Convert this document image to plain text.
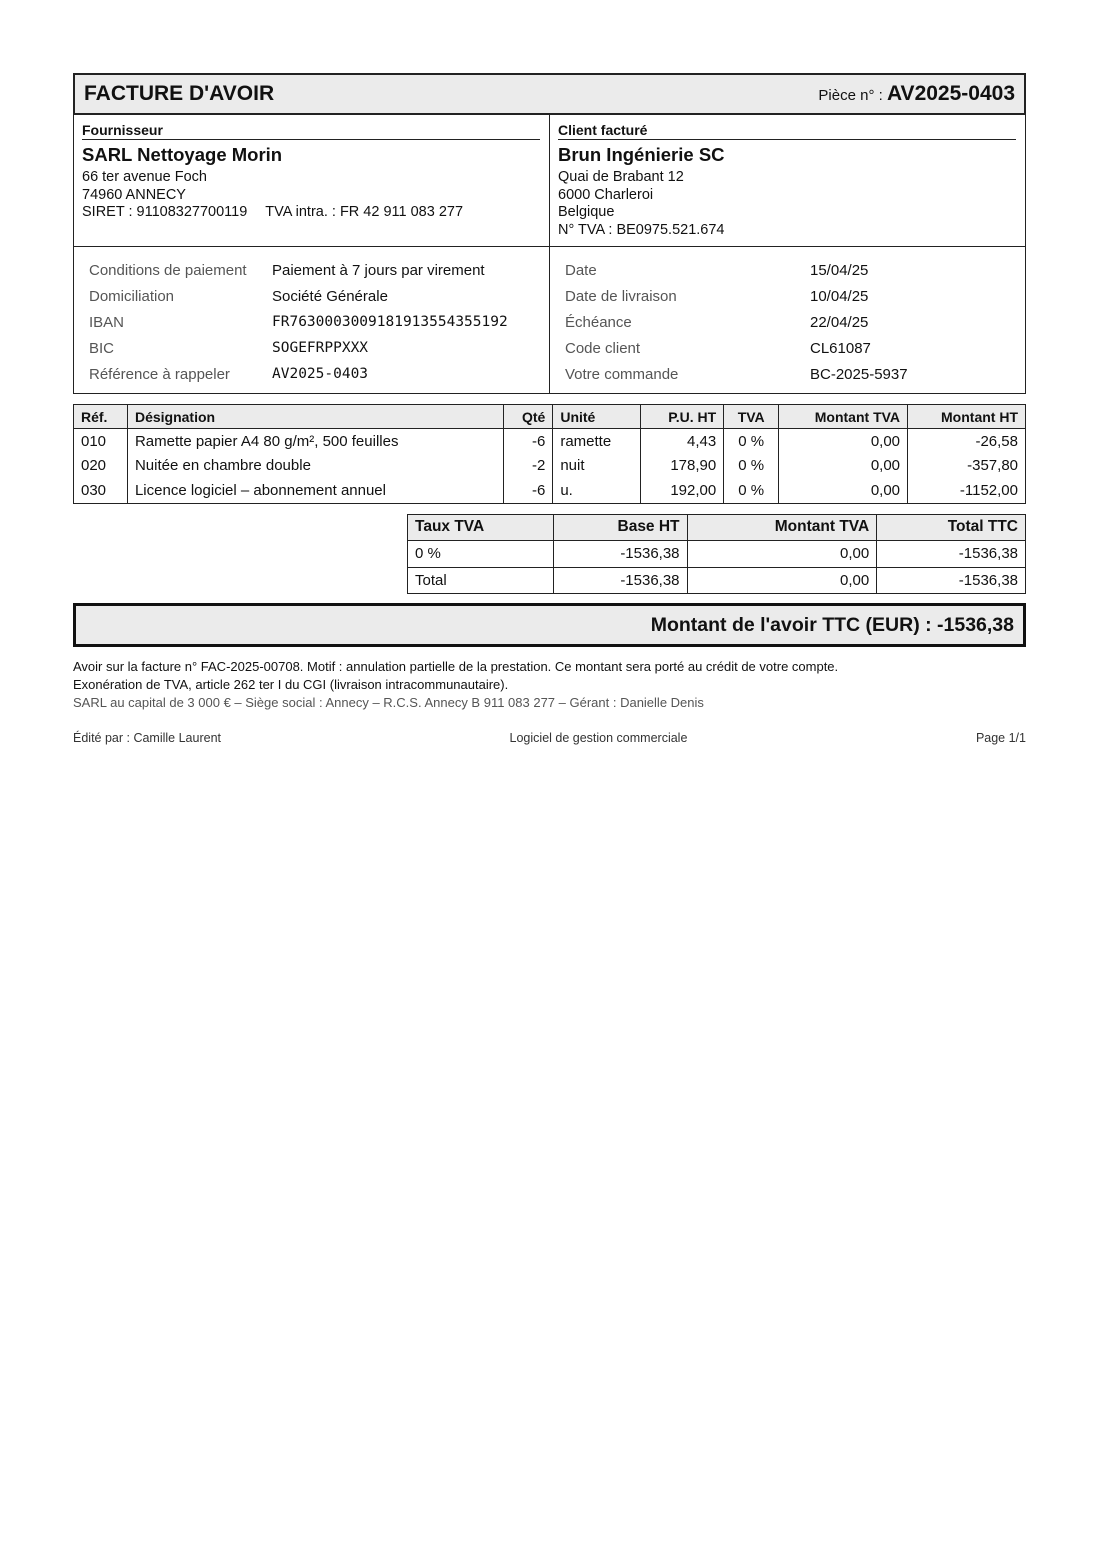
FACTURE D'AVOIR	Pièce n° : AV2025-0403
Fournisseur
SARL Nettoyage Morin
66 ter avenue Foch
74960 ANNECY
SIRET : 91108327700119 TVA intra. : FR 42 911 083 277
Client facturé
Brun Ingénierie SC
Quai de Brabant 12
6000 Charleroi
Belgique
N° TVA : BE0975.521.674
Conditions de paiement	Paiement à 7 jours par virement
Domiciliation	Société Générale
IBAN	FR7630003009181913554355192
BIC	SOGEFRPPXXX
Référence à rappeler	AV2025-0403
Date	15/04/25
Date de livraison	10/04/25
Échéance	22/04/25
Code client	CL61087
Votre commande	BC-2025-5937
Réf.	Désignation	Qté	Unité	P.U. HT	TVA	Montant TVA	Montant HT
010	Ramette papier A4 80 g/m², 500 feuilles	-6	ramette	4,43	0 %	0,00	-26,58
020	Nuitée en chambre double	-2	nuit	178,90	0 %	0,00	-357,80
030	Licence logiciel – abonnement annuel	-6	u.	192,00	0 %	0,00	-1152,00
Taux TVA	Base HT	Montant TVA	Total TTC
0 %	-1536,38	0,00	-1536,38
Total	-1536,38	0,00	-1536,38
Montant de l'avoir TTC (EUR) : -1536,38
Avoir sur la facture n° FAC-2025-00708. Motif : annulation partielle de la prestation. Ce montant sera porté au crédit de votre compte.
Exonération de TVA, article 262 ter I du CGI (livraison intracommunautaire).
SARL au capital de 3 000 € – Siège social : Annecy – R.C.S. Annecy B 911 083 277 – Gérant : Danielle Denis
Édité par : Camille Laurent	Logiciel de gestion commerciale	Page 1/1
